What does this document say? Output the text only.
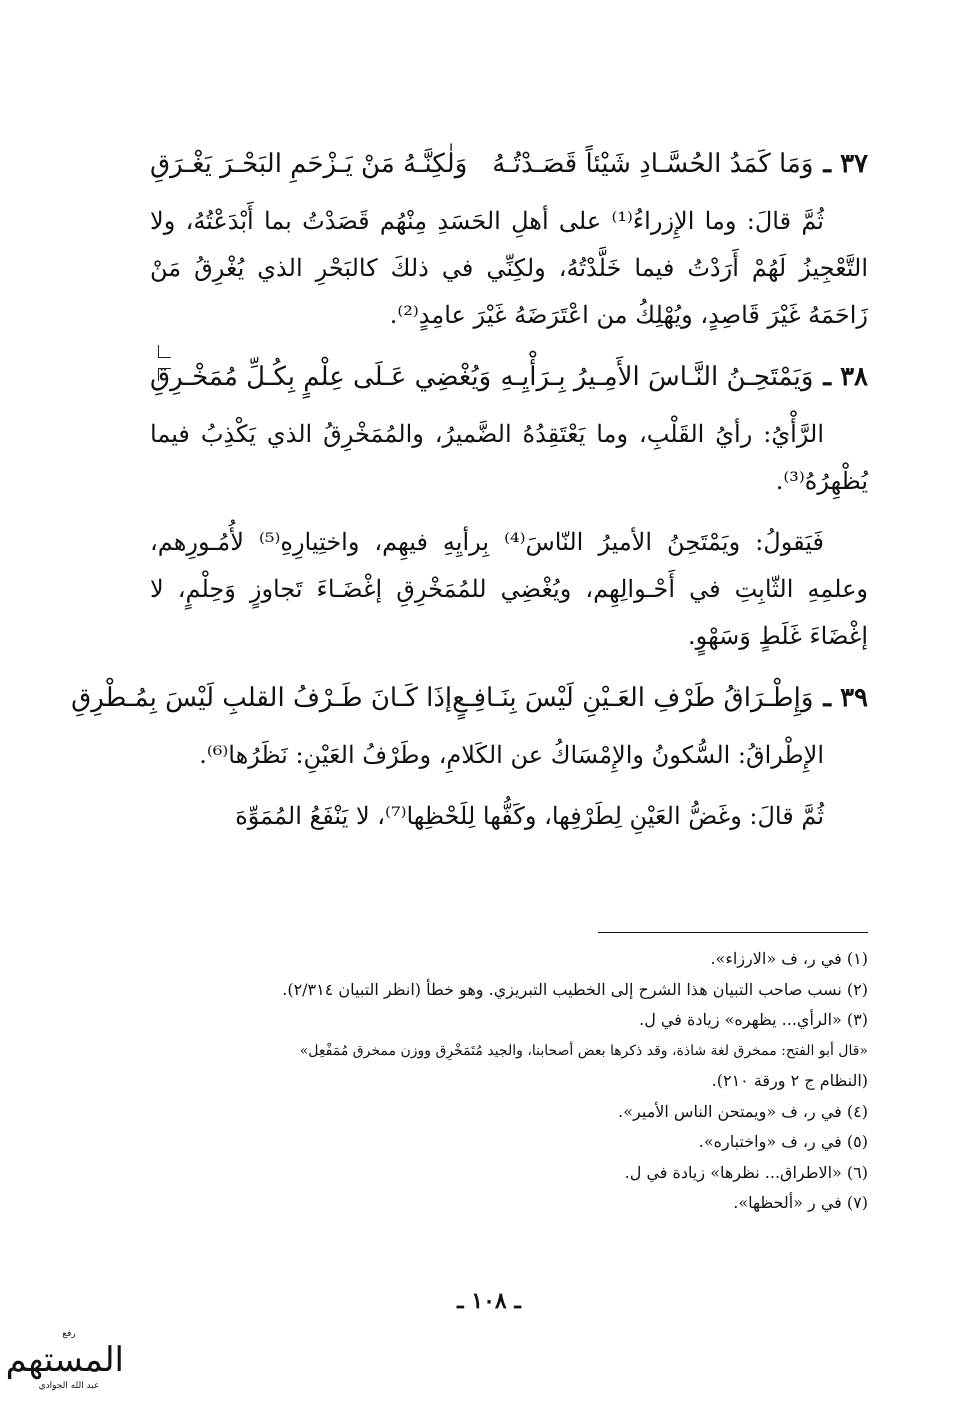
٣٧ ـ
وَمَا كَمَدُ الحُسَّـادِ شَيْئاً قَصَـدْتُـهُ
وَلٰكِنَّـهُ مَنْ يَـزْحَمِ البَحْـرَ يَغْـرَقِ

ثُمَّ قالَ: وما الإِزراءُ⁽¹⁾ على أهلِ الحَسَدِ مِنْهُم قَصَدْتُ بما أَبْدَعْتُهُ، ولا التَّعْجِيزُ لَهُمْ أَرَدْتُ فيما خَلَّدْتُهُ، ولكِنِّي في ذلكَ كالبَحْرِ الذي يُغْرِقُ مَنْ زَاحَمَهُ غَيْرَ قَاصِدٍ، ويُهْلِكُ من اعْتَرَضَهُ غَيْرَ عامِدٍ⁽²⁾.

٣٨ ـ
وَيَمْتَحِـنُ النَّـاسَ الأَمِـيرُ بِـرَأْيِـهِ
وَيُغْضِي عَـلَى عِلْمٍ بِكُـلِّ مُمَخْـرِقِ

الرَّأْيُ: رأيُ القَلْبِ، وما يَعْتَقِدُهُ الضَّميرُ، والمُمَخْرِقُ الذي يَكْذِبُ فيما يُظْهِرُهُ⁽³⁾.

فَيَقولُ: ويَمْتَحِنُ الأميرُ النّاسَ⁽⁴⁾ بِرأيِهِ فيهِم، واختِيارِهِ⁽⁵⁾ لأُمُـورِهم، وعلمِهِ الثّابِتِ في أَحْـوالِهِم، ويُغْضِي للمُمَخْرِقِ إغْضَـاءَ تَجاوزٍ وَحِلْمٍ، لا إغْضَاءَ غَلَطٍ وَسَهْوٍ.

٣٩ ـ
وَإِطْـرَاقُ طَرْفِ العَـيْنِ لَيْسَ بِنَـافِـعٍ
إذَا كَـانَ طَـرْفُ القلبِ لَيْسَ بِمُـطْرِقِ

الإِطْراقُ: السُّكونُ والإِمْسَاكُ عن الكَلامِ، وطَرْفُ العَيْنِ: نَظَرُها⁽⁶⁾.

ثُمَّ قالَ: وغَضُّ العَيْنِ لِطَرْفِها، وكَفُّها لِلَحْظِها⁽⁷⁾، لا يَنْفَعُ المُمَوِّهَ

(١) في ر، ف «الارزاء».
(٢) نسب صاحب التبيان هذا الشرح إلى الخطيب التبريزي. وهو خطأ (انظر التبيان ٢/٣١٤).
(٣) «الرأي... يظهره» زيادة في ل.
«قال أبو الفتح: ممخرق لغة شاذة، وقد ذكرها بعض أصحابنا، والجيد مُتَمَخْرِق ووزن ممخرق مُمَفْعِل»
(النظام ج ٢ ورقة ٢١٠).
(٤) في ر، ف «ويمتحن الناس الأمير».
(٥) في ر، ف «واختباره».
(٦) «الاطراق... نظرها» زيادة في ل.
(٧) في ر «ألحظها».
ـ ١٠٨ ـ
رفع
المستهم
عبد الله الجوادي
